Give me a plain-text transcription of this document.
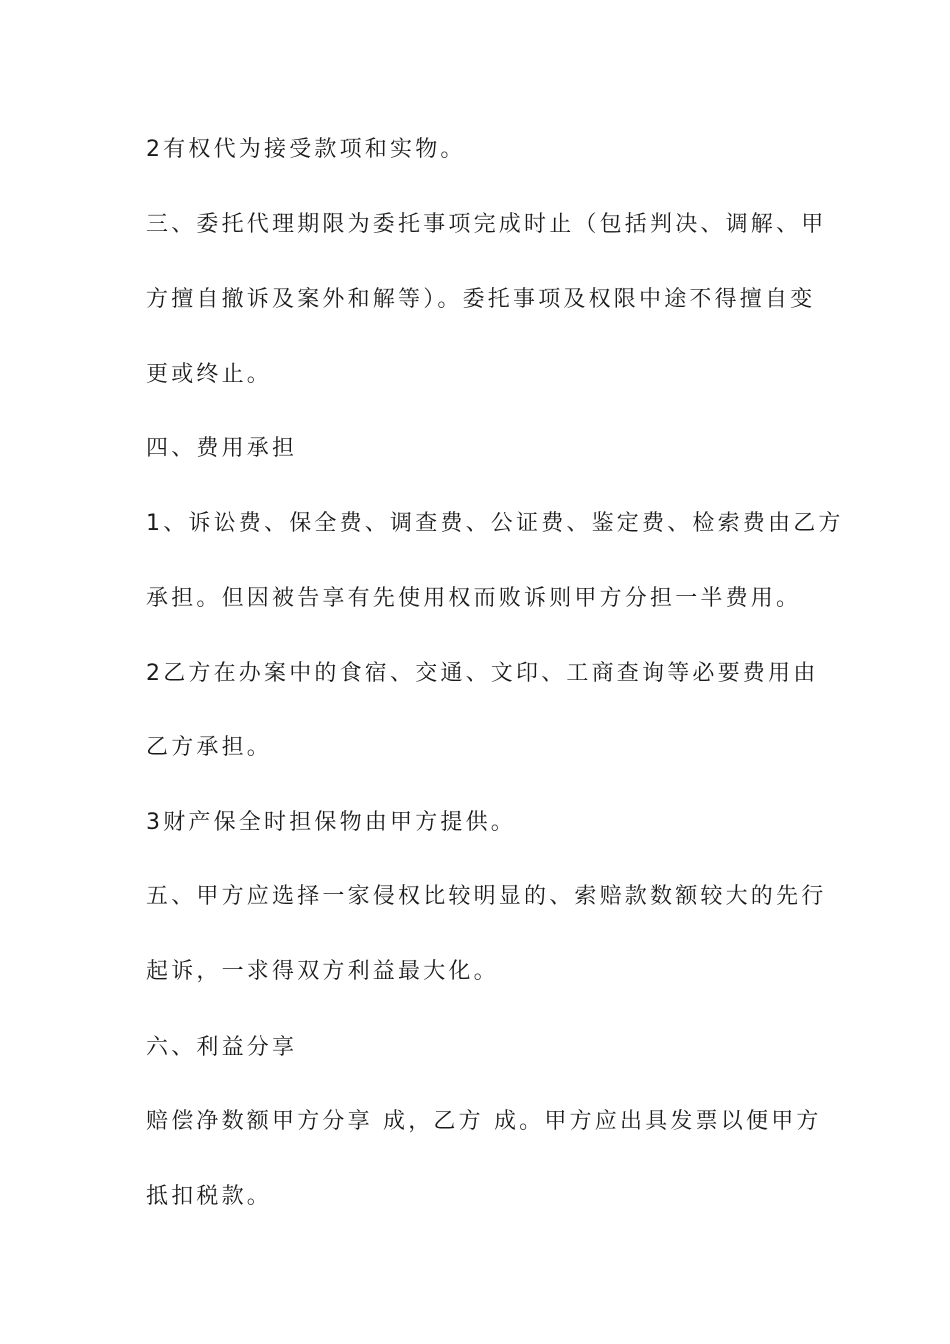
2有权代为接受款项和实物。
三、委托代理期限为委托事项完成时止（包括判决、调解、甲
方擅自撤诉及案外和解等）。委托事项及权限中途不得擅自变
更或终止。
四、费用承担
1、诉讼费、保全费、调查费、公证费、鉴定费、检索费由乙方
承担。但因被告享有先使用权而败诉则甲方分担一半费用。
2乙方在办案中的食宿、交通、文印、工商查询等必要费用由
乙方承担。
3财产保全时担保物由甲方提供。
五、甲方应选择一家侵权比较明显的、索赔款数额较大的先行
起诉，一求得双方利益最大化。
六、利益分享
赔偿净数额甲方分享 成，乙方 成。甲方应出具发票以便甲方
抵扣税款。
